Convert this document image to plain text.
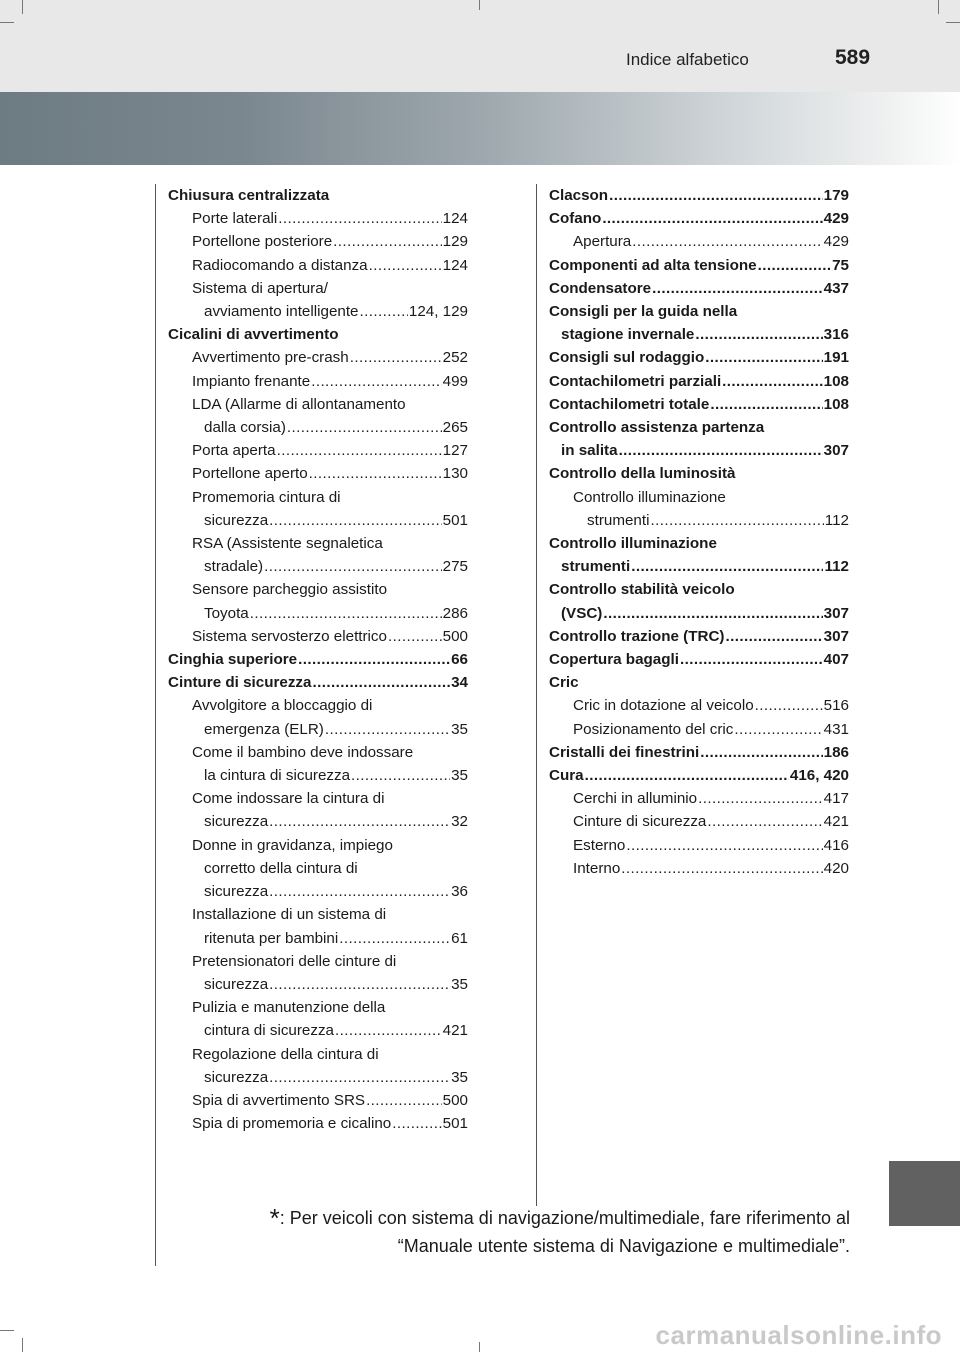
Indice alfabetico	589
Chiusura centralizzata
Porte laterali .....	124
Portellone posteriore .....	129
Radiocomando a distanza .....	124
Sistema di apertura/
avviamento intelligente .....	124, 129
Cicalini di avvertimento
Avvertimento pre-crash .....	252
Impianto frenante .....	499
LDA (Allarme di allontanamento
dalla corsia) .....	265
Porta aperta .....	127
Portellone aperto .....	130
Promemoria cintura di
sicurezza .....	501
RSA (Assistente segnaletica
stradale) .....	275
Sensore parcheggio assistito
Toyota .....	286
Sistema servosterzo elettrico .....	500
Cinghia superiore .....	66
Cinture di sicurezza .....	34
Avvolgitore a bloccaggio di
emergenza (ELR) .....	35
Come il bambino deve indossare
la cintura di sicurezza .....	35
Come indossare la cintura di
sicurezza .....	32
Donne in gravidanza, impiego
corretto della cintura di
sicurezza .....	36
Installazione di un sistema di
ritenuta per bambini .....	61
Pretensionatori delle cinture di
sicurezza .....	35
Pulizia e manutenzione della
cintura di sicurezza .....	421
Regolazione della cintura di
sicurezza .....	35
Spia di avvertimento SRS .....	500
Spia di promemoria e cicalino .....	501
Clacson .....	179
Cofano .....	429
Apertura .....	429
Componenti ad alta tensione .....	75
Condensatore .....	437
Consigli per la guida nella
stagione invernale .....	316
Consigli sul rodaggio .....	191
Contachilometri parziali .....	108
Contachilometri totale .....	108
Controllo assistenza partenza
in salita .....	307
Controllo della luminosità
Controllo illuminazione
strumenti .....	112
Controllo illuminazione
strumenti .....	112
Controllo stabilità veicolo
(VSC) .....	307
Controllo trazione (TRC) .....	307
Copertura bagagli .....	407
Cric
Cric in dotazione al veicolo .....	516
Posizionamento del cric .....	431
Cristalli dei finestrini .....	186
Cura .....	416, 420
Cerchi in alluminio .....	417
Cinture di sicurezza .....	421
Esterno .....	416
Interno .....	420
*: Per veicoli con sistema di navigazione/multimediale, fare riferimento al
“Manuale utente sistema di Navigazione e multimediale”.
carmanualsonline.info
